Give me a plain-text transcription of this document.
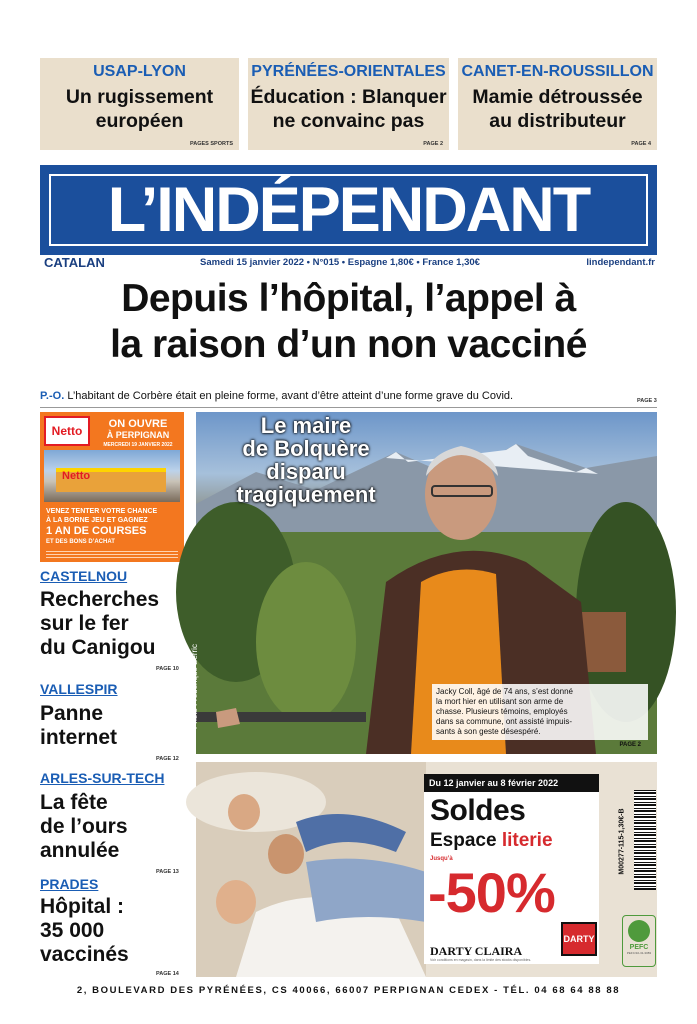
USAP-LYON
Un rugissement
européen
PAGES SPORTS
PYRÉNÉES-ORIENTALES
Éducation : Blanquer
ne convainc pas
PAGE 2
CANET-EN-ROUSSILLON
Mamie détroussée
au distributeur
PAGE 4
L’INDÉPENDANT
CATALAN	Samedi 15 janvier 2022 • N°015 • Espagne 1,80€ • France 1,30€	lindependant.fr
Depuis l’hôpital, l’appel à
la raison d’un non vacciné
P.-O. L’habitant de Corbère était en pleine forme, avant d’être atteint d’une forme grave du Covid.	PAGE 3
Netto	ON OUVRE
À PERPIGNAN
MERCREDI 19 JANVIER 2022
Netto
VENEZ TENTER VOTRE CHANCE
À LA BORNE JEU ET GAGNEZ
1 AN DE COURSES
ET DES BONS D’ACHAT
Le maire
de Bolquère
disparu
tragiquement
Photo Frédérique Berric	Jacky Coll, âgé de 74 ans, s’est donné
la mort hier en utilisant son arme de
chasse. Plusieurs témoins, employés
dans sa commune, ont assisté impuis-
sants à son geste désespéré.
PAGE 2
CASTELNOU
Recherches
sur le fer
du Canigou
PAGE 10
VALLESPIR
Panne
internet
PAGE 12
ARLES-SUR-TECH
La fête
de l’ours
annulée
PAGE 13
PRADES
Hôpital :
35 000
vaccinés
PAGE 14
Du 12 janvier au 8 février 2022
Soldes
Espace literie
Jusqu’à
-50%
DARTY CLAIRA
Voir conditions en magasin, dans la limite des stocks disponibles.
DARTY
M00277-115-1,30€-B
PEFC
PEFC/10-31-3083
2, BOULEVARD DES PYRÉNÉES, CS 40066, 66007 PERPIGNAN CEDEX - TÉL. 04 68 64 88 88
